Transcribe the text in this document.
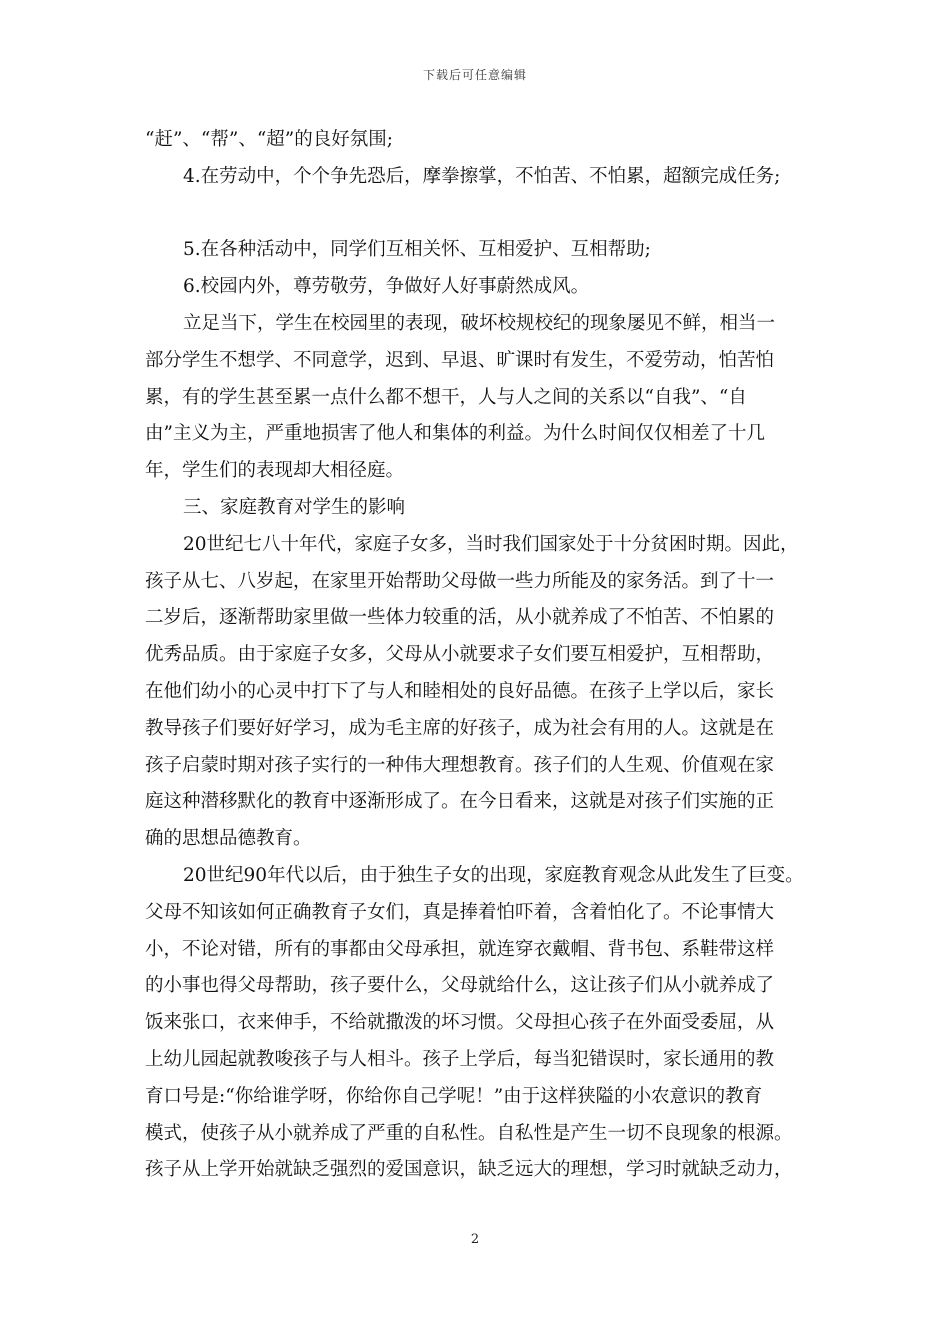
下载后可任意编辑
“赶”、“帮”、“超”的良好氛围;
4.在劳动中，个个争先恐后，摩拳擦掌，不怕苦、不怕累，超额完成任务;
5.在各种活动中，同学们互相关怀、互相爱护、互相帮助;
6.校园内外，尊劳敬劳，争做好人好事蔚然成风。
立足当下，学生在校园里的表现，破坏校规校纪的现象屡见不鲜，相当一
部分学生不想学、不同意学，迟到、早退、旷课时有发生，不爱劳动，怕苦怕
累，有的学生甚至累一点什么都不想干，人与人之间的关系以“自我”、“自
由”主义为主，严重地损害了他人和集体的利益。为什么时间仅仅相差了十几
年，学生们的表现却大相径庭。
三、家庭教育对学生的影响
20世纪七八十年代，家庭子女多，当时我们国家处于十分贫困时期。因此，
孩子从七、八岁起，在家里开始帮助父母做一些力所能及的家务活。到了十一
二岁后，逐渐帮助家里做一些体力较重的活，从小就养成了不怕苦、不怕累的
优秀品质。由于家庭子女多，父母从小就要求子女们要互相爱护，互相帮助，
在他们幼小的心灵中打下了与人和睦相处的良好品德。在孩子上学以后，家长
教导孩子们要好好学习，成为毛主席的好孩子，成为社会有用的人。这就是在
孩子启蒙时期对孩子实行的一种伟大理想教育。孩子们的人生观、价值观在家
庭这种潜移默化的教育中逐渐形成了。在今日看来，这就是对孩子们实施的正
确的思想品德教育。
20世纪90年代以后，由于独生子女的出现，家庭教育观念从此发生了巨变。
父母不知该如何正确教育子女们，真是捧着怕吓着，含着怕化了。不论事情大
小，不论对错，所有的事都由父母承担，就连穿衣戴帽、背书包、系鞋带这样
的小事也得父母帮助，孩子要什么，父母就给什么，这让孩子们从小就养成了
饭来张口，衣来伸手，不给就撒泼的坏习惯。父母担心孩子在外面受委屈，从
上幼儿园起就教唆孩子与人相斗。孩子上学后，每当犯错误时，家长通用的教
育口号是:“你给谁学呀，你给你自己学呢！”由于这样狭隘的小农意识的教育
模式，使孩子从小就养成了严重的自私性。自私性是产生一切不良现象的根源。
孩子从上学开始就缺乏强烈的爱国意识，缺乏远大的理想，学习时就缺乏动力，
2
